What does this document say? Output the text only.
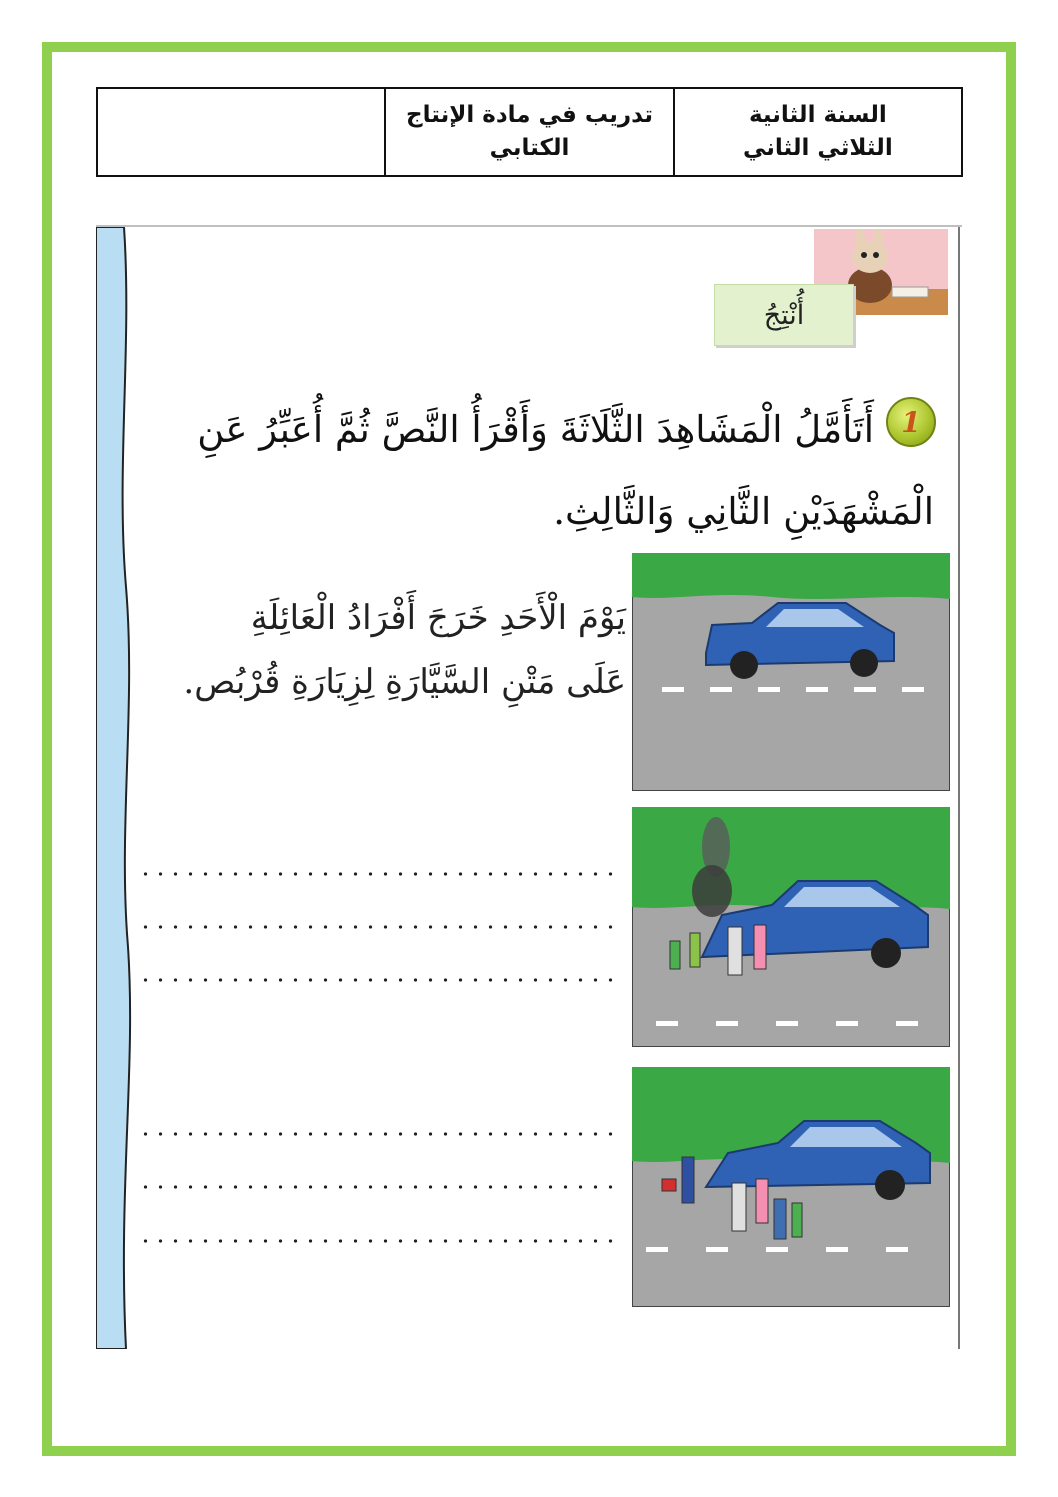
السنة الثانية
الثلاثي الثاني
تدريب في مادة الإنتاج
الكتابي
أُنْتِجُ
1
أَتَأَمَّلُ الْمَشَاهِدَ الثَّلَاثَةَ وَأَقْرَأُ النَّصَّ ثُمَّ أُعَبِّرُ عَنِ الْمَشْهَدَيْنِ الثَّانِي وَالثَّالِثِ.
يَوْمَ الْأَحَدِ خَرَجَ أَفْرَادُ الْعَائِلَةِ
عَلَى مَتْنِ السَّيَّارَةِ لِزِيَارَةِ قُرْبُص.
